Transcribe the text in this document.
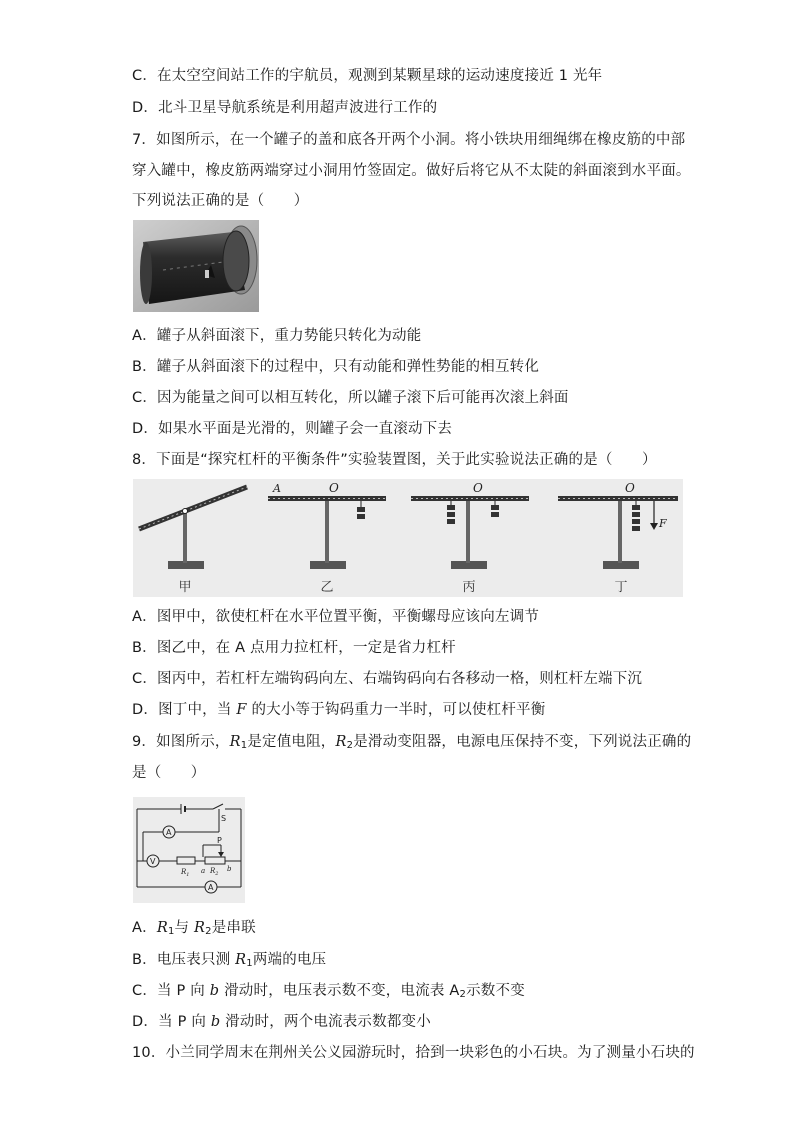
C．在太空空间站工作的宇航员，观测到某颗星球的运动速度接近 1 光年
D．北斗卫星导航系统是利用超声波进行工作的
7．如图所示，在一个罐子的盖和底各开两个小洞。将小铁块用细绳绑在橡皮筋的中部
穿入罐中，橡皮筋两端穿过小洞用竹签固定。做好后将它从不太陡的斜面滚到水平面。
下列说法正确的是（　　）
A．罐子从斜面滚下，重力势能只转化为动能
B．罐子从斜面滚下的过程中，只有动能和弹性势能的相互转化
C．因为能量之间可以相互转化，所以罐子滚下后可能再次滚上斜面
D．如果水平面是光滑的，则罐子会一直滚动下去
8．下面是“探究杠杆的平衡条件”实验装置图，关于此实验说法正确的是（　　）
甲
A	O
乙
O
丙
O
F
丁
A．图甲中，欲使杠杆在水平位置平衡，平衡螺母应该向左调节
B．图乙中，在 A 点用力拉杠杆，一定是省力杠杆
C．图丙中，若杠杆左端钩码向左、右端钩码向右各移动一格，则杠杆左端下沉
D．图丁中，当 F 的大小等于钩码重力一半时，可以使杠杆平衡
9．如图所示，$R_1$是定值电阻，$R_2$是滑动变阻器，电源电压保持不变，下列说法正确的
是（　　）
S
A
V
A
P
$R_1$	$R_2$
a	b
A．$R_1$与 $R_2$是串联
B．电压表只测 $R_1$两端的电压
C．当 P 向 b 滑动时，电压表示数不变，电流表 $A_2$示数不变
D．当 P 向 b 滑动时，两个电流表示数都变小
10．小兰同学周末在荆州关公义园游玩时，拾到一块彩色的小石块。为了测量小石块的
